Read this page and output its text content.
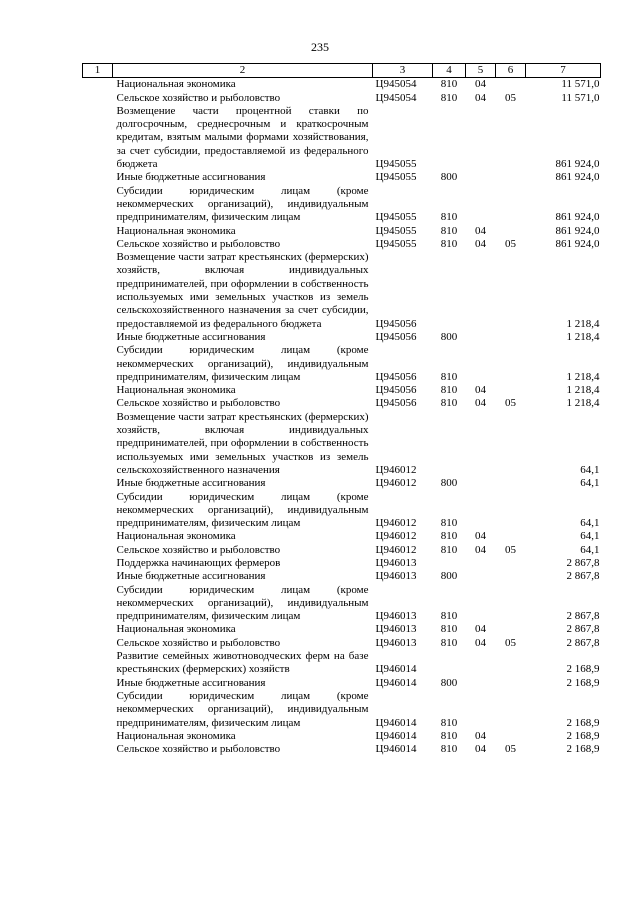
235
1	2	3	4	5	6	7
	Национальная экономика	Ц945054	810	04		11 571,0
	Сельское хозяйство и рыболовство	Ц945054	810	04	05	11 571,0
	Возмещение части процентной ставки по долгосрочным, среднесрочным и краткосрочным кредитам, взятым малыми формами хозяйствования, за счет субсидии, предоставляемой из федерального бюджета	Ц945055				861 924,0
	Иные бюджетные ассигнования	Ц945055	800			861 924,0
	Субсидии юридическим лицам (кроме некоммерческих организаций), индивидуальным предпринимателям, физическим лицам	Ц945055	810			861 924,0
	Национальная экономика	Ц945055	810	04		861 924,0
	Сельское хозяйство и рыболовство	Ц945055	810	04	05	861 924,0
	Возмещение части затрат крестьянских (фермерских) хозяйств, включая индивидуальных предпринимателей, при оформлении в собственность используемых ими земельных участков из земель сельскохозяйственного назначения за счет субсидии, предоставляемой из федерального бюджета	Ц945056				1 218,4
	Иные бюджетные ассигнования	Ц945056	800			1 218,4
	Субсидии юридическим лицам (кроме некоммерческих организаций), индивидуальным предпринимателям, физическим лицам	Ц945056	810			1 218,4
	Национальная экономика	Ц945056	810	04		1 218,4
	Сельское хозяйство и рыболовство	Ц945056	810	04	05	1 218,4
	Возмещение части затрат крестьянских (фермерских) хозяйств, включая индивидуальных предпринимателей, при оформлении в собственность используемых ими земельных участков из земель сельскохозяйственного назначения	Ц946012				64,1
	Иные бюджетные ассигнования	Ц946012	800			64,1
	Субсидии юридическим лицам (кроме некоммерческих организаций), индивидуальным предпринимателям, физическим лицам	Ц946012	810			64,1
	Национальная экономика	Ц946012	810	04		64,1
	Сельское хозяйство и рыболовство	Ц946012	810	04	05	64,1
	Поддержка начинающих фермеров	Ц946013				2 867,8
	Иные бюджетные ассигнования	Ц946013	800			2 867,8
	Субсидии юридическим лицам (кроме некоммерческих организаций), индивидуальным предпринимателям, физическим лицам	Ц946013	810			2 867,8
	Национальная экономика	Ц946013	810	04		2 867,8
	Сельское хозяйство и рыболовство	Ц946013	810	04	05	2 867,8
	Развитие семейных животноводческих ферм на базе крестьянских (фермерских) хозяйств	Ц946014				2 168,9
	Иные бюджетные ассигнования	Ц946014	800			2 168,9
	Субсидии юридическим лицам (кроме некоммерческих организаций), индивидуальным предпринимателям, физическим лицам	Ц946014	810			2 168,9
	Национальная экономика	Ц946014	810	04		2 168,9
	Сельское хозяйство и рыболовство	Ц946014	810	04	05	2 168,9
